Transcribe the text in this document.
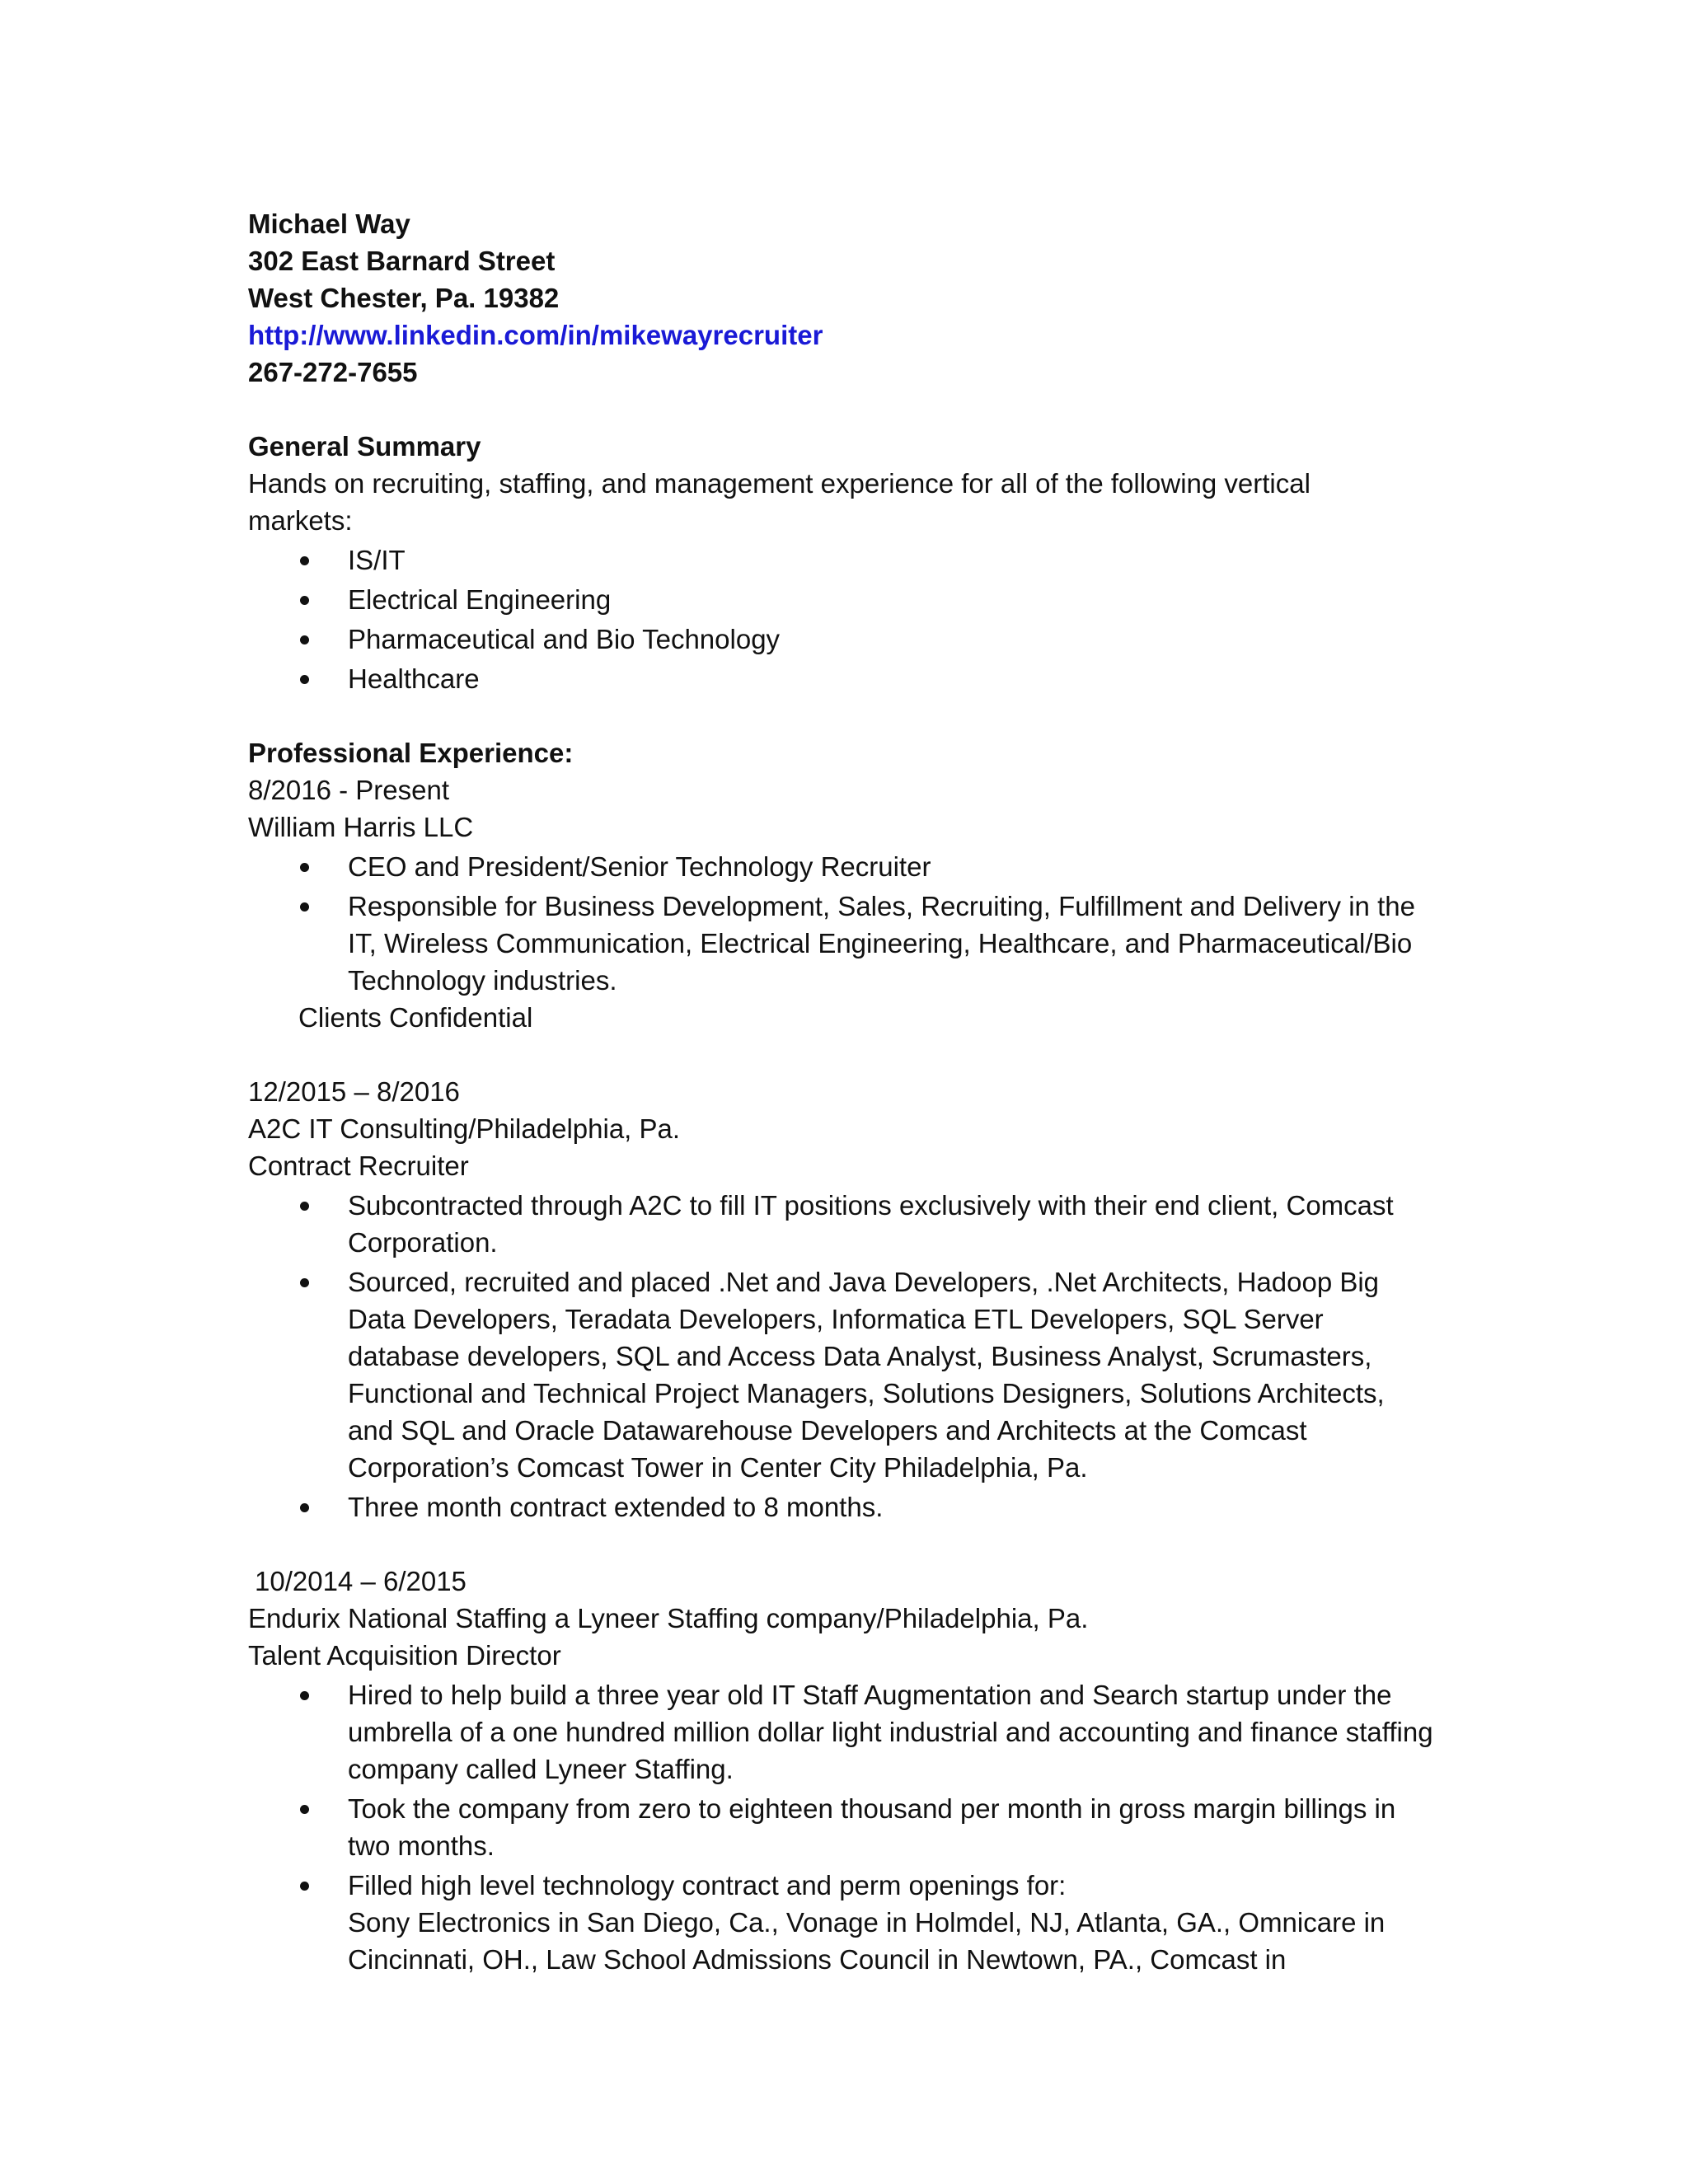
Michael Way
302 East Barnard Street
West Chester, Pa. 19382
http://www.linkedin.com/in/mikewayrecruiter
267-272-7655
General Summary
Hands on recruiting, staffing, and management experience for all of the following vertical markets:
IS/IT
Electrical Engineering
Pharmaceutical and Bio Technology
Healthcare
Professional Experience:
8/2016 - Present
William Harris LLC
CEO and President/Senior Technology Recruiter
Responsible for Business Development, Sales, Recruiting, Fulfillment and Delivery in the IT, Wireless Communication, Electrical Engineering, Healthcare, and Pharmaceutical/Bio Technology industries.
Clients Confidential
12/2015 – 8/2016
A2C IT Consulting/Philadelphia, Pa.
Contract Recruiter
Subcontracted through A2C to fill IT positions exclusively with their end client, Comcast Corporation.
Sourced, recruited and placed .Net and Java Developers, .Net Architects, Hadoop Big Data Developers, Teradata Developers, Informatica ETL Developers, SQL Server database developers, SQL and Access Data Analyst, Business Analyst, Scrumasters, Functional and Technical Project Managers, Solutions Designers, Solutions Architects, and SQL and Oracle Datawarehouse Developers and Architects at the Comcast Corporation’s Comcast Tower in Center City Philadelphia, Pa.
Three month contract extended to 8 months.
10/2014 – 6/2015
Endurix National Staffing a Lyneer Staffing company/Philadelphia, Pa.
Talent Acquisition Director
Hired to help build a three year old IT Staff Augmentation and Search startup under the umbrella of a one hundred million dollar light industrial and accounting and finance staffing company called Lyneer Staffing.
Took the company from zero to eighteen thousand per month in gross margin billings in two months.
Filled high level technology contract and perm openings for:
Sony Electronics in San Diego, Ca., Vonage in Holmdel, NJ, Atlanta, GA., Omnicare in Cincinnati, OH., Law School Admissions Council in Newtown, PA., Comcast in
